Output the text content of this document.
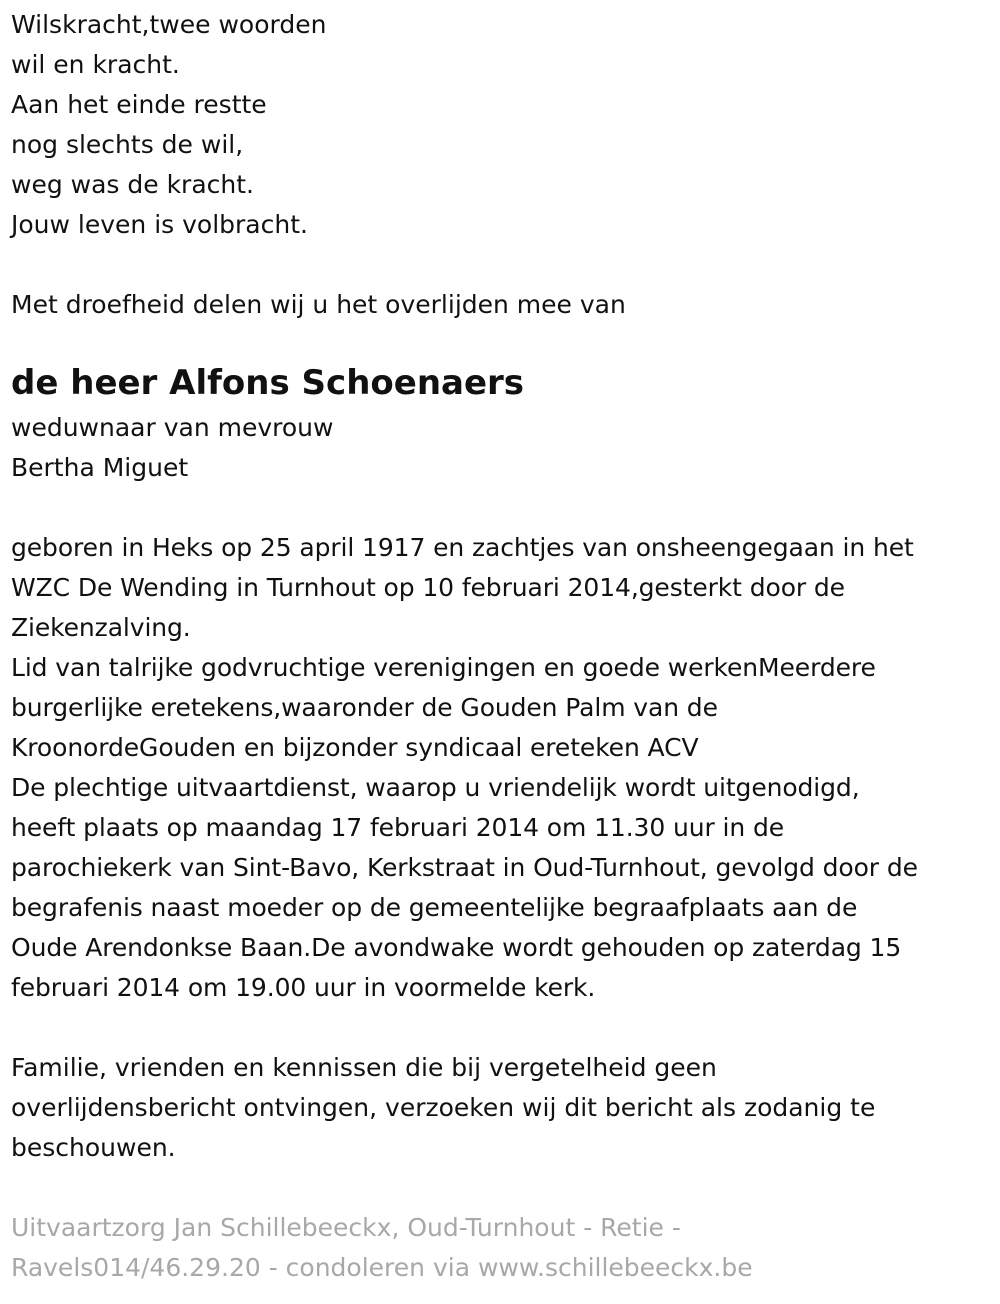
Wilskracht,twee woorden
wil en kracht.
Aan het einde restte
nog slechts de wil,
weg was de kracht.
Jouw leven is volbracht.
Met droefheid delen wij u het overlijden mee van
de heer Alfons Schoenaers
weduwnaar van mevrouw
Bertha Miguet
geboren in Heks op 25 april 1917 en zachtjes van onsheengegaan in het
WZC De Wending in Turnhout op 10 februari 2014,gesterkt door de
Ziekenzalving.
Lid van talrijke godvruchtige verenigingen en goede werkenMeerdere
burgerlijke eretekens,waaronder de Gouden Palm van de
KroonordeGouden en bijzonder syndicaal ereteken ACV
De plechtige uitvaartdienst, waarop u vriendelijk wordt uitgenodigd,
heeft plaats op maandag 17 februari 2014 om 11.30 uur in de
parochiekerk van Sint-Bavo, Kerkstraat in Oud-Turnhout, gevolgd door de
begrafenis naast moeder op de gemeentelijke begraafplaats aan de
Oude Arendonkse Baan.De avondwake wordt gehouden op zaterdag 15
februari 2014 om 19.00 uur in voormelde kerk.
Familie, vrienden en kennissen die bij vergetelheid geen
overlijdensbericht ontvingen, verzoeken wij dit bericht als zodanig te
beschouwen.
Uitvaartzorg Jan Schillebeeckx, Oud-Turnhout - Retie -
Ravels014/46.29.20 - condoleren via www.schillebeeckx.be
